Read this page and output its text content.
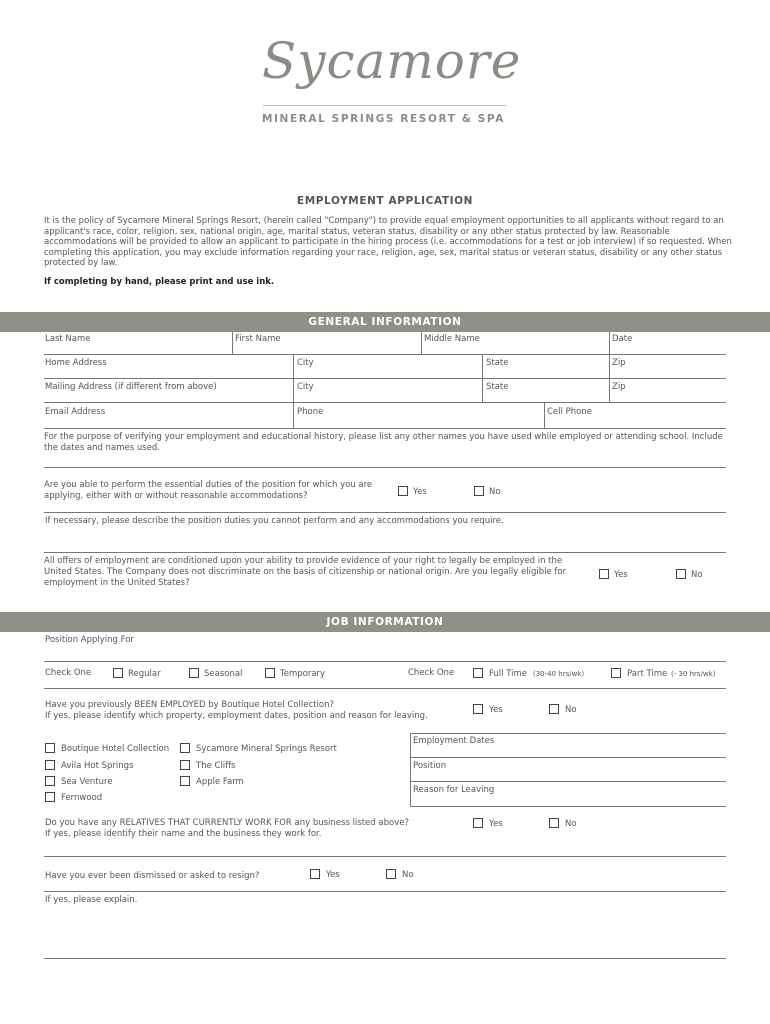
Sycamore
MINERAL SPRINGS RESORT & SPA
EMPLOYMENT APPLICATION
It is the policy of Sycamore Mineral Springs Resort, (herein called "Company") to provide equal employment opportunities to all applicants without regard to an applicant's race, color, religion, sex, national origin, age, marital status, veteran status, disability or any other status protected by law. Reasonable accommodations will be provided to allow an applicant to participate in the hiring process (i.e. accommodations for a test or job interview) if so requested. When completing this application, you may exclude information regarding your race, religion, age, sex, marital status or veteran status, disability or any other status protected by law.
If completing by hand, please print and use ink.
GENERAL INFORMATION
Last Name	First Name	Middle Name	Date
Home Address	City	State	Zip
Mailing Address (if different from above)	City	State	Zip
Email Address	Phone	Cell Phone
For the purpose of verifying your employment and educational history, please list any other names you have used while employed or attending school. Include the dates and names used.
Are you able to perform the essential duties of the position for which you are applying, either with or without reasonable accommodations?	Yes	No
If necessary, please describe the position duties you cannot perform and any accommodations you require.
All offers of employment are conditioned upon your ability to provide evidence of your right to legally be employed in the United States. The Company does not discriminate on the basis of citizenship or national origin. Are you legally eligible for employment in the United States?
Yes	No
JOB INFORMATION
Position Applying For
Check One	Regular	Seasonal	Temporary	Check One	Full Time (30-40 hrs/wk)	Part Time (- 30 hrs/wk)
Have you previously BEEN EMPLOYED by Boutique Hotel Collection?
If yes, please identify which property, employment dates, position and reason for leaving.
Yes	No
Boutique Hotel Collection	Sycamore Mineral Springs Resort
Avila Hot Springs	The Cliffs
Sea Venture	Apple Farm
Fernwood
Employment Dates
Position
Reason for Leaving
Do you have any RELATIVES THAT CURRENTLY WORK FOR any business listed above?
If yes, please identify their name and the business they work for.
Yes	No
Have you ever been dismissed or asked to resign?	Yes	No
If yes, please explain.
